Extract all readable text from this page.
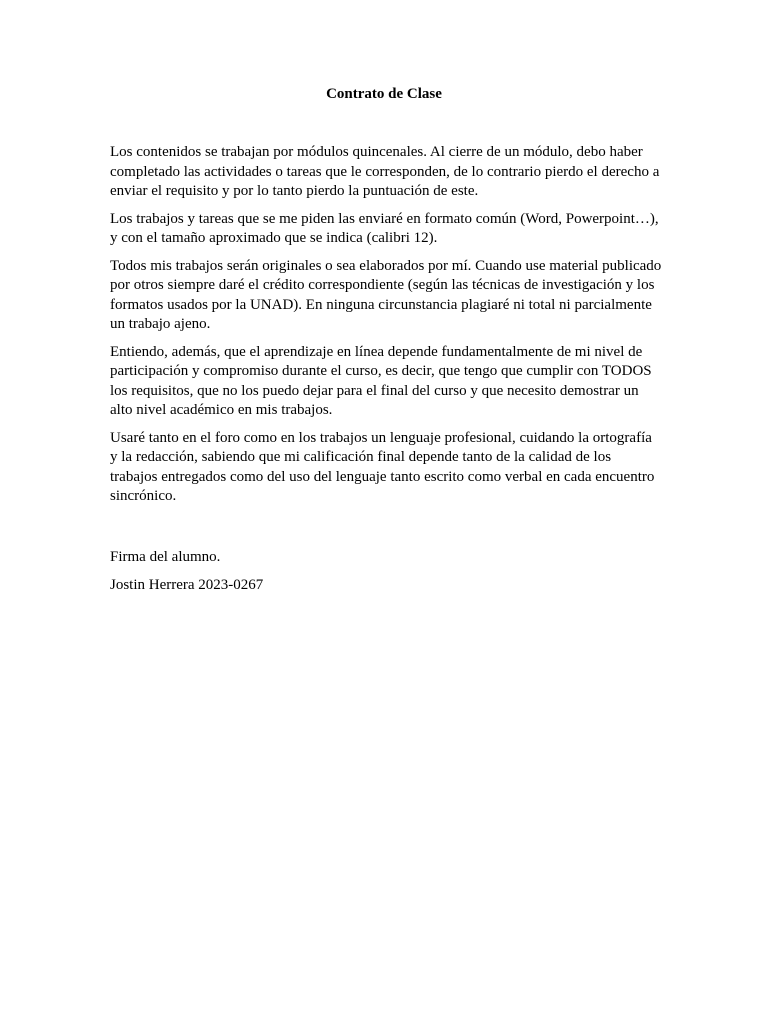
Contrato de Clase

Los contenidos se trabajan por módulos quincenales. Al cierre de un módulo, debo haber completado las actividades o tareas que le corresponden, de lo contrario pierdo el derecho a enviar el requisito y por lo tanto pierdo la puntuación de este.

Los trabajos y tareas que se me piden las enviaré en formato común (Word, Powerpoint…), y con el tamaño aproximado que se indica (calibri 12).

Todos mis trabajos serán originales o sea elaborados por mí. Cuando use material publicado por otros siempre daré el crédito correspondiente (según las técnicas de investigación y los formatos usados por la UNAD). En ninguna circunstancia plagiaré ni total ni parcialmente un trabajo ajeno.

Entiendo, además, que el aprendizaje en línea depende fundamentalmente de mi nivel de participación y compromiso durante el curso, es decir, que tengo que cumplir con TODOS los requisitos, que no los puedo dejar para el final del curso y que necesito demostrar un alto nivel académico en mis trabajos.

Usaré tanto en el foro como en los trabajos un lenguaje profesional, cuidando la ortografía y la redacción, sabiendo que mi calificación final depende tanto de la calidad de los trabajos entregados como del uso del lenguaje tanto escrito como verbal en cada encuentro sincrónico.

Firma del alumno.

Jostin Herrera 2023-0267
